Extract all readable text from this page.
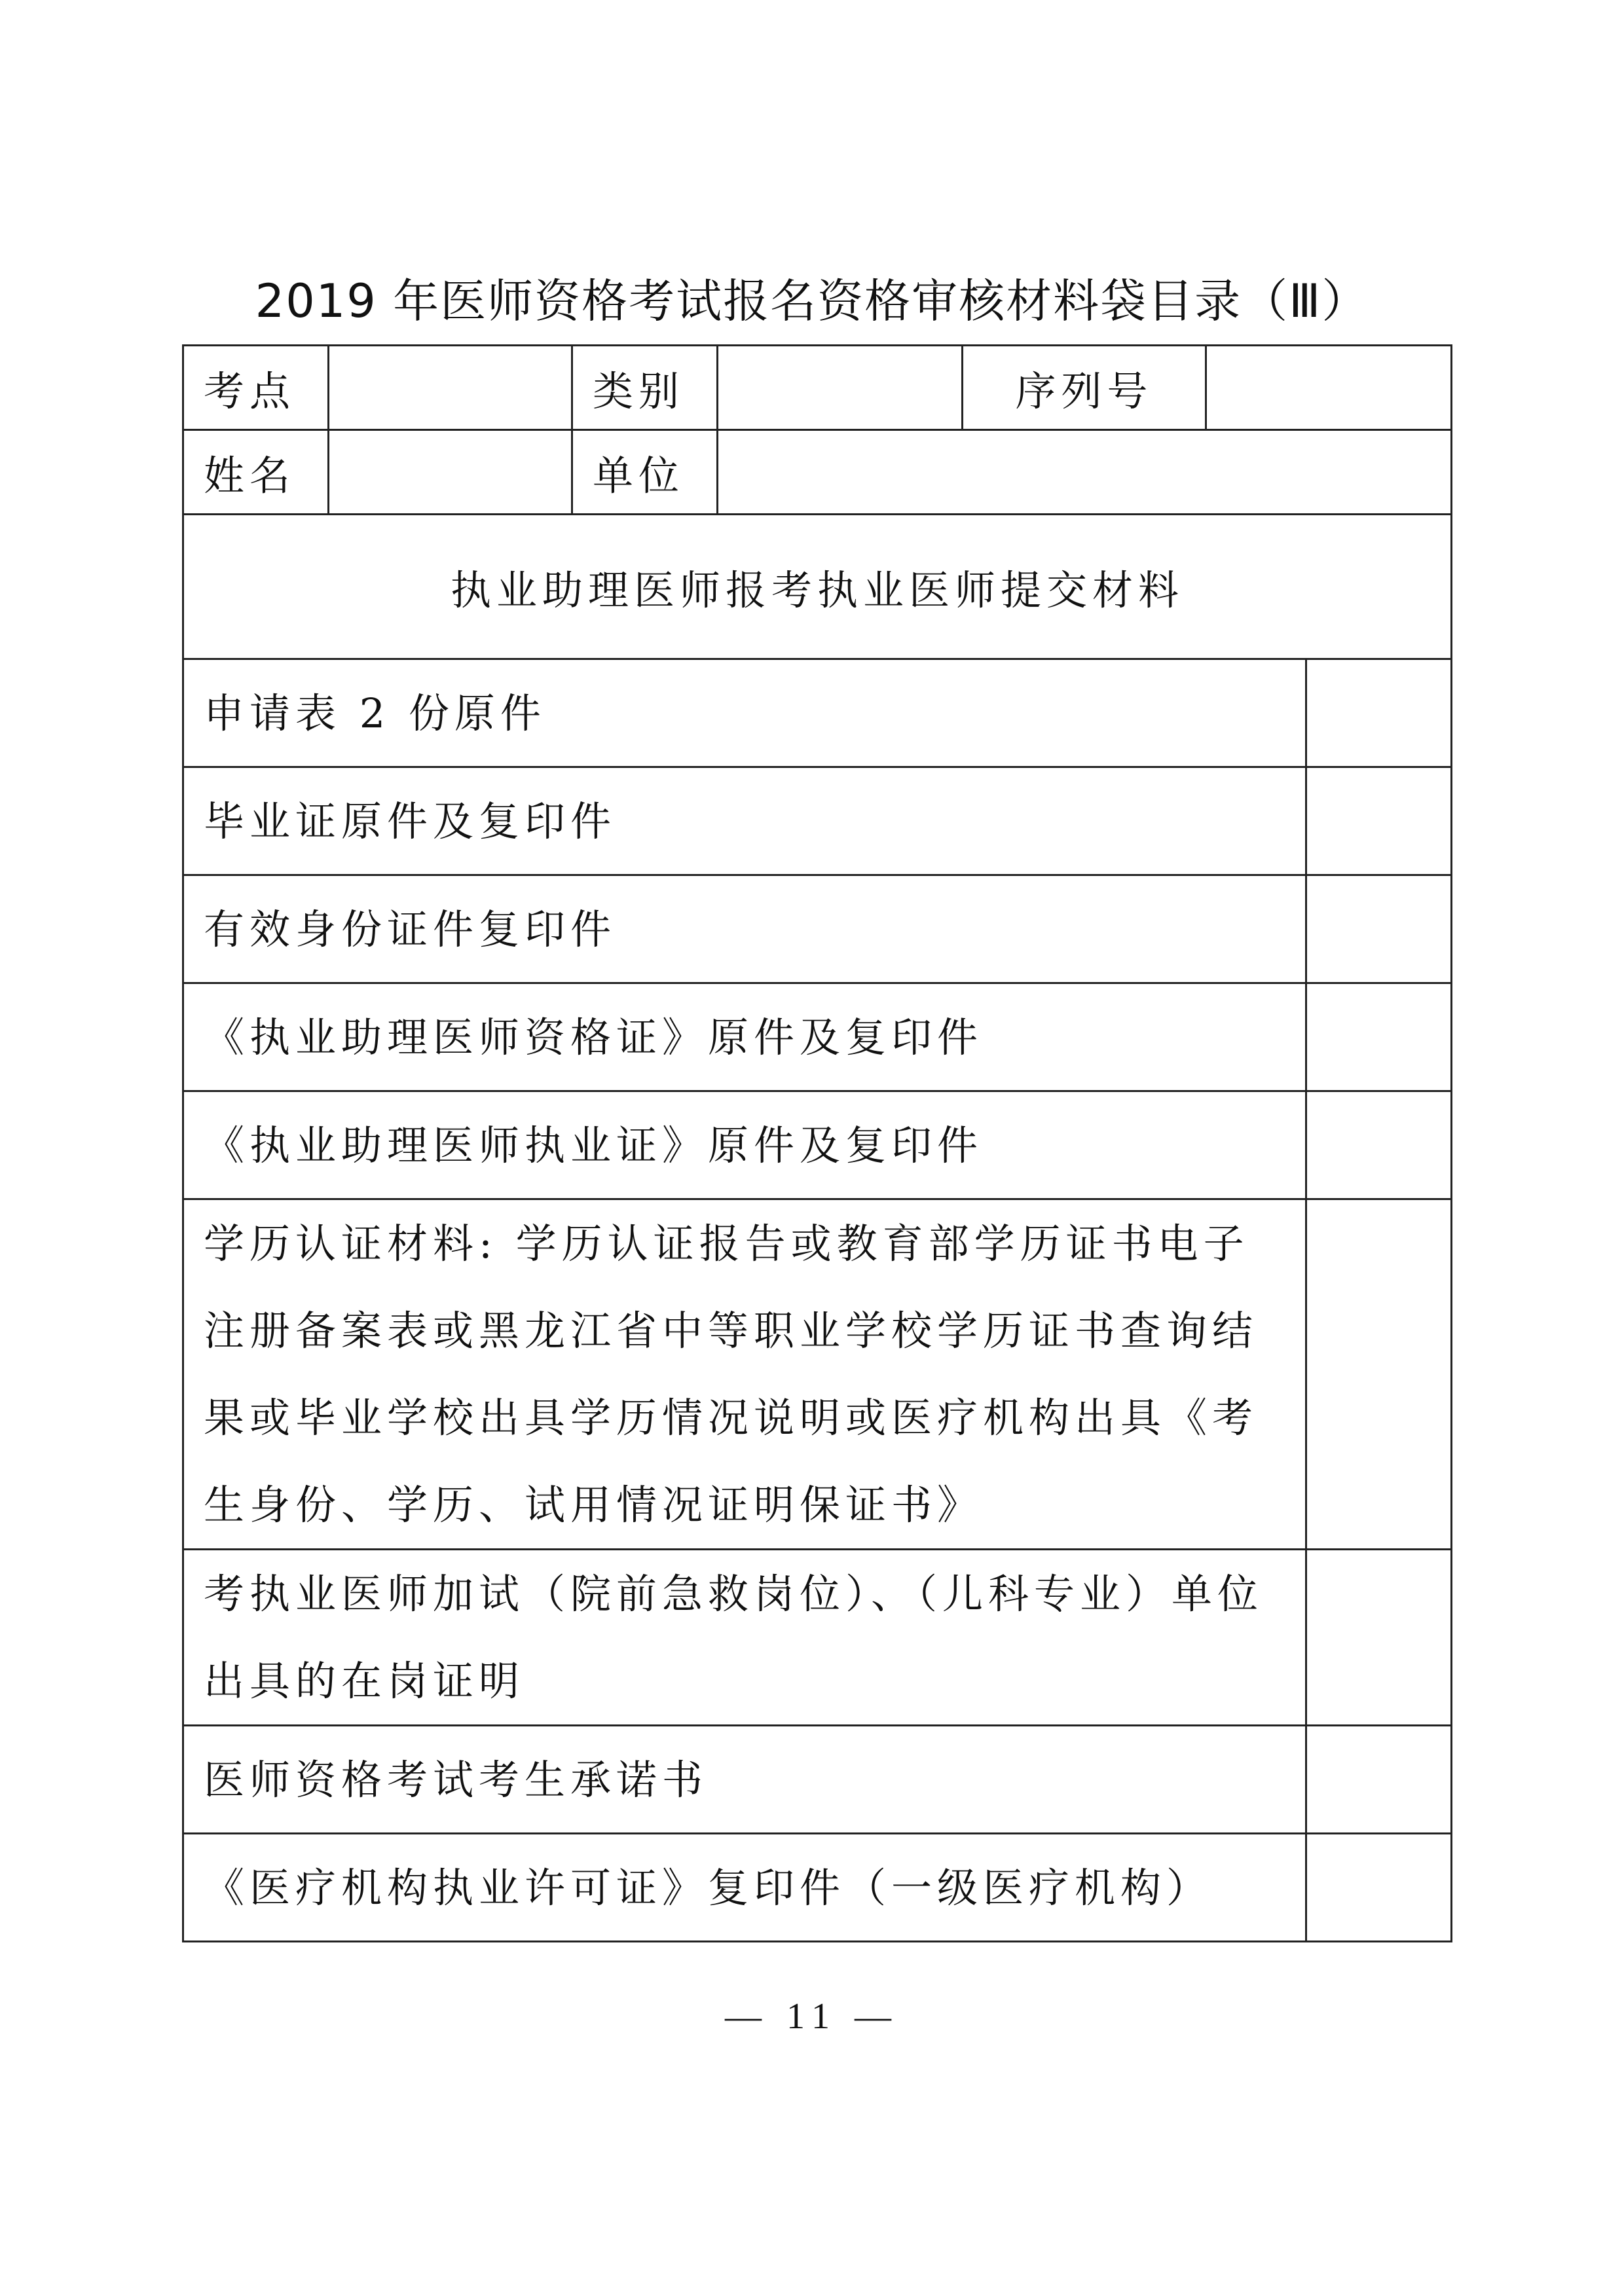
2019 年医师资格考试报名资格审核材料袋目录（Ⅲ）
考点		类别		序列号		
姓名		单位				
执业助理医师报考执业医师提交材料						
申请表 2 份原件						
毕业证原件及复印件						
有效身份证件复印件						
《执业助理医师资格证》原件及复印件						
《执业助理医师执业证》原件及复印件						
学历认证材料: 学历认证报告或教育部学历证书电子注册备案表或黑龙江省中等职业学校学历证书查询结果或毕业学校出具学历情况说明或医疗机构出具《考生身份、学历、试用情况证明保证书》						
考执业医师加试（院前急救岗位）、（儿科专业）单位出具的在岗证明						
医师资格考试考生承诺书						
《医疗机构执业许可证》复印件（一级医疗机构）						
— 11 —
